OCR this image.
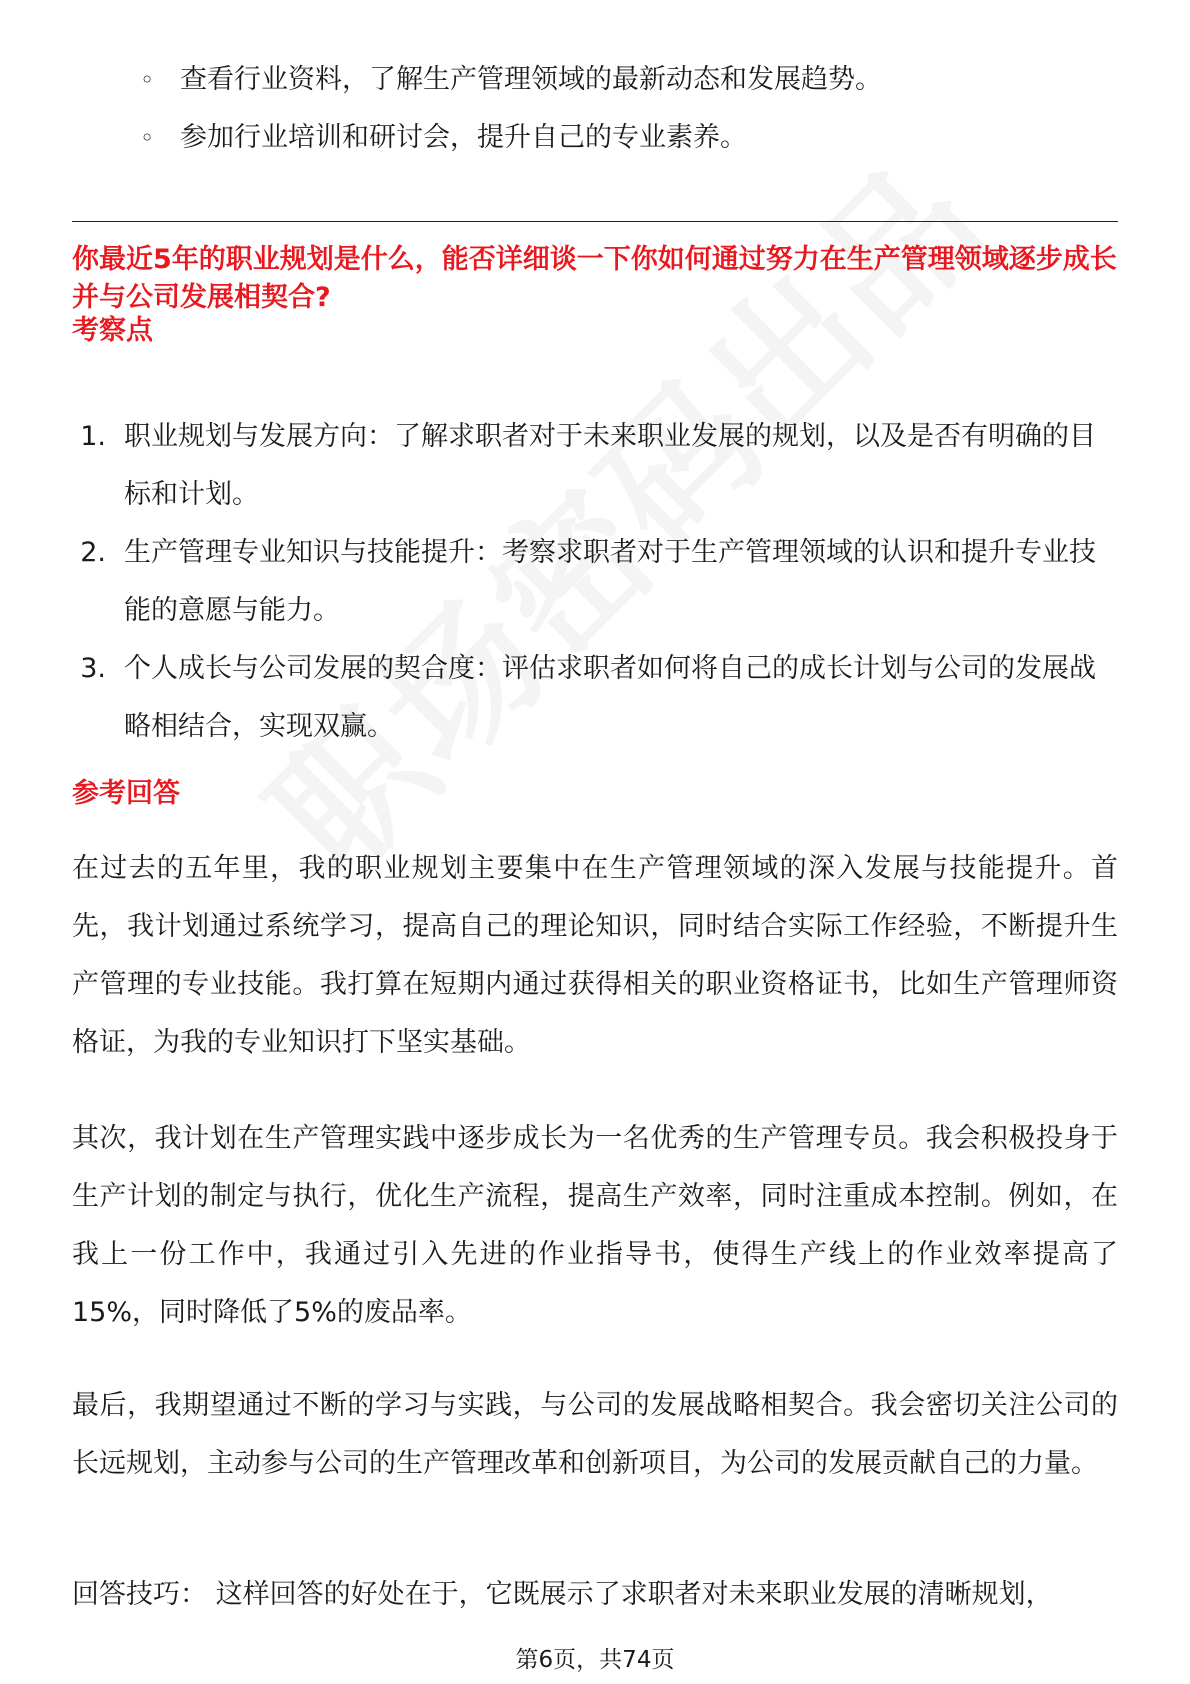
◦ 查看行业资料，了解生产管理领域的最新动态和发展趋势。
◦ 参加行业培训和研讨会，提升自己的专业素养。
你最近5年的职业规划是什么，能否详细谈一下你如何通过努力在生产管理领域逐步成长并与公司发展相契合?
考察点
1. 职业规划与发展方向：了解求职者对于未来职业发展的规划，以及是否有明确的目标和计划。
2. 生产管理专业知识与技能提升：考察求职者对于生产管理领域的认识和提升专业技能的意愿与能力。
3. 个人成长与公司发展的契合度：评估求职者如何将自己的成长计划与公司的发展战略相结合，实现双赢。
参考回答
在过去的五年里，我的职业规划主要集中在生产管理领域的深入发展与技能提升。首先，我计划通过系统学习，提高自己的理论知识，同时结合实际工作经验，不断提升生产管理的专业技能。我打算在短期内通过获得相关的职业资格证书，比如生产管理师资格证，为我的专业知识打下坚实基础。
其次，我计划在生产管理实践中逐步成长为一名优秀的生产管理专员。我会积极投身于生产计划的制定与执行，优化生产流程，提高生产效率，同时注重成本控制。例如，在我上一份工作中，我通过引入先进的作业指导书，使得生产线上的作业效率提高了15%，同时降低了5%的废品率。
最后，我期望通过不断的学习与实践，与公司的发展战略相契合。我会密切关注公司的长远规划，主动参与公司的生产管理改革和创新项目，为公司的发展贡献自己的力量。
回答技巧： 这样回答的好处在于，它既展示了求职者对未来职业发展的清晰规划，
第6页，共74页
